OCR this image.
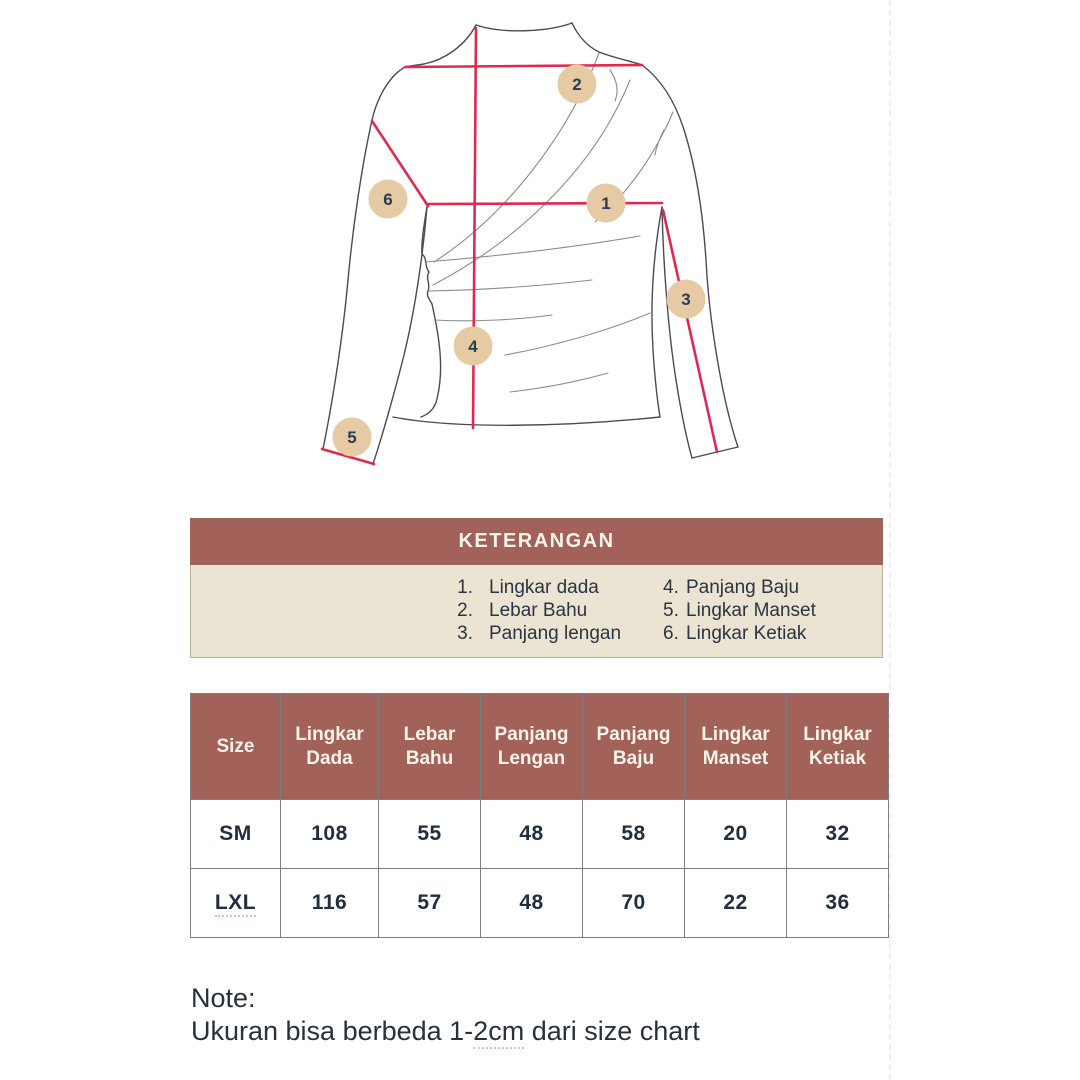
1
2
3
4
5
6
KETERANGAN
1. Lingkar dada
2. Lebar Bahu
3. Panjang lengan
4. Panjang Baju
5. Lingkar Manset
6. Lingkar Ketiak
Size	Lingkar Dada	Lebar Bahu	Panjang Lengan	Panjang Baju	Lingkar Manset	Lingkar Ketiak
SM	108	55	48	58	20	32
LXL	116	57	48	70	22	36
Note:
Ukuran bisa berbeda 1-2cm dari size chart
